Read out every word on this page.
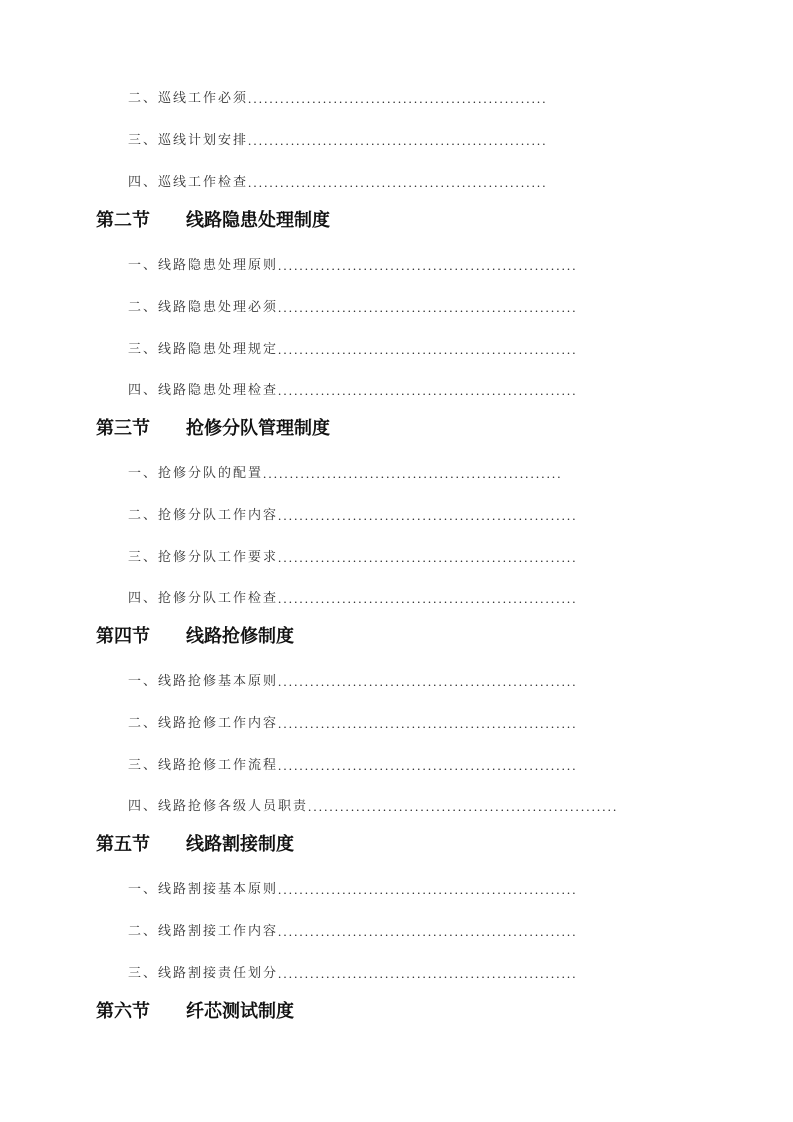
二、巡线工作必须........................................................
三、巡线计划安排........................................................
四、巡线工作检查........................................................
第二节 线路隐患处理制度
一、线路隐患处理原则........................................................
二、线路隐患处理必须........................................................
三、线路隐患处理规定........................................................
四、线路隐患处理检查........................................................
第三节 抢修分队管理制度
一、抢修分队的配置........................................................
二、抢修分队工作内容........................................................
三、抢修分队工作要求........................................................
四、抢修分队工作检查........................................................
第四节 线路抢修制度
一、线路抢修基本原则........................................................
二、线路抢修工作内容........................................................
三、线路抢修工作流程........................................................
四、线路抢修各级人员职责..........................................................
第五节 线路割接制度
一、线路割接基本原则........................................................
二、线路割接工作内容........................................................
三、线路割接责任划分........................................................
第六节 纤芯测试制度
